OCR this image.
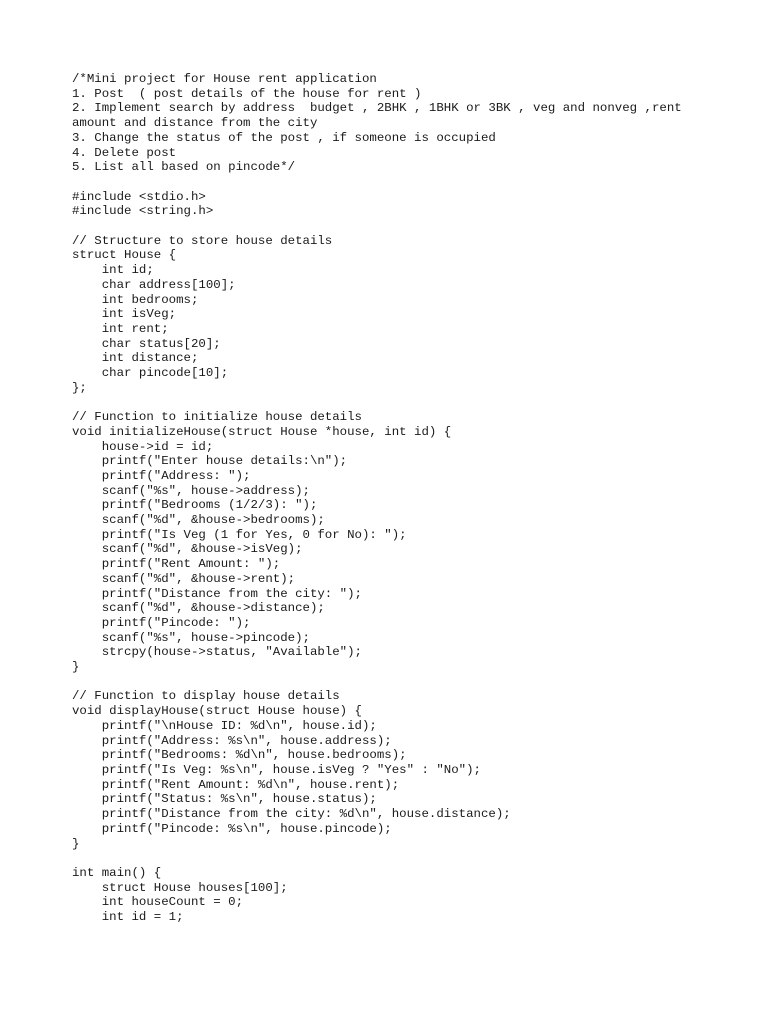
/*Mini project for House rent application
1. Post  ( post details of the house for rent )
2. Implement search by address  budget , 2BHK , 1BHK or 3BK , veg and nonveg ,rent
amount and distance from the city
3. Change the status of the post , if someone is occupied
4. Delete post
5. List all based on pincode*/
#include <stdio.h>
#include <string.h>
// Structure to store house details
struct House {
int id;
char address[100];
int bedrooms;
int isVeg;
int rent;
char status[20];
int distance;
char pincode[10];
};
// Function to initialize house details
void initializeHouse(struct House *house, int id) {
house->id = id;
printf("Enter house details:\n");
printf("Address: ");
scanf("%s", house->address);
printf("Bedrooms (1/2/3): ");
scanf("%d", &house->bedrooms);
printf("Is Veg (1 for Yes, 0 for No): ");
scanf("%d", &house->isVeg);
printf("Rent Amount: ");
scanf("%d", &house->rent);
printf("Distance from the city: ");
scanf("%d", &house->distance);
printf("Pincode: ");
scanf("%s", house->pincode);
strcpy(house->status, "Available");
}
// Function to display house details
void displayHouse(struct House house) {
printf("\nHouse ID: %d\n", house.id);
printf("Address: %s\n", house.address);
printf("Bedrooms: %d\n", house.bedrooms);
printf("Is Veg: %s\n", house.isVeg ? "Yes" : "No");
printf("Rent Amount: %d\n", house.rent);
printf("Status: %s\n", house.status);
printf("Distance from the city: %d\n", house.distance);
printf("Pincode: %s\n", house.pincode);
}
int main() {
struct House houses[100];
int houseCount = 0;
int id = 1;
